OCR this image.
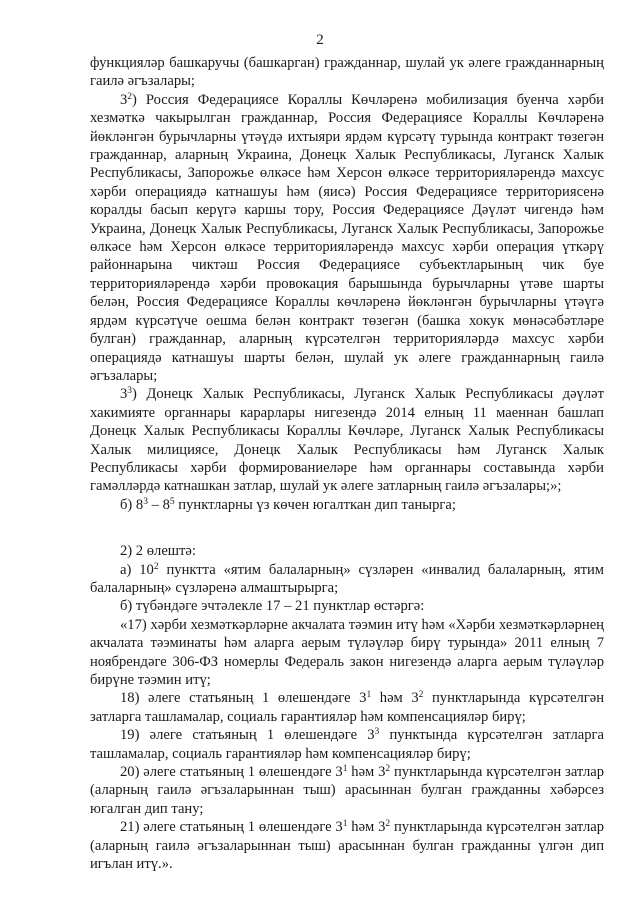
2

функцияләр башкаручы (башкарган) гражданнар, шулай ук әлеге гражданнарның гаилә әгъзалары;

$3^2$) Россия Федерациясе Кораллы Көчләренә мобилизация буенча хәрби хезмәткә чакырылган гражданнар, Россия Федерациясе Кораллы Көчләренә йөкләнгән бурычларны үтәүдә ихтыяри ярдәм күрсәтү турында контракт төзегән гражданнар, аларның Украина, Донецк Халык Республикасы, Луганск Халык Республикасы, Запорожье өлкәсе һәм Херсон өлкәсе территорияләрендә махсус хәрби операциядә катнашуы һәм (яисә) Россия Федерациясе территориясенә коралды басып керүгә каршы тору, Россия Федерациясе Дәүләт чигендә һәм Украина, Донецк Халык Республикасы, Луганск Халык Республикасы, Запорожье өлкәсе һәм Херсон өлкәсе территорияләрендә махсус хәрби операция үткәрү районнарына чиктәш Россия Федерациясе субъектларының чик буе территорияләрендә хәрби провокация барышында бурычларны үтәве шарты белән, Россия Федерациясе Кораллы көчләренә йөкләнгән бурычларны үтәүгә ярдәм күрсәтүче оешма белән контракт төзегән (башка хокук мөнәсәбәтләре булган) гражданнар, аларның күрсәтелгән территорияләрдә махсус хәрби операциядә катнашуы шарты белән, шулай ук әлеге гражданнарның гаилә әгъзалары;

$3^3$) Донецк Халык Республикасы, Луганск Халык Республикасы дәүләт хакимияте органнары карарлары нигезендә 2014 елның 11 маеннан башлап Донецк Халык Республикасы Кораллы Көчләре, Луганск Халык Республикасы Халык милициясе, Донецк Халык Республикасы һәм Луганск Халык Республикасы хәрби формированиеләре һәм органнары составында хәрби гамәлләрдә катнашкан затлар, шулай ук әлеге затларның гаилә әгъзалары;»;

б) $8^3 - 8^5$ пунктларны үз көчен югалткан дип танырга;

2) 2 өлештә:

а) $10^2$ пунктта «ятим балаларның» сүзләрен «инвалид балаларның, ятим балаларның» сүзләренә алмаштырырга;

б) түбәндәге эчтәлекле 17 – 21 пунктлар өстәргә:

«17) хәрби хезмәткәрләрне акчалата тәэмин итү һәм «Хәрби хезмәткәрләрнең акчалата тәэминаты һәм аларга аерым түләүләр бирү турында» 2011 елның 7 ноябрендәге 306-ФЗ номерлы Федераль закон нигезендә аларга аерым түләүләр бирүне тәэмин итү;

18) әлеге статьяның 1 өлешендәге $3^1$ һәм $3^2$ пунктларында күрсәтелгән затларга ташламалар, социаль гарантияләр һәм компенсацияләр бирү;

19) әлеге статьяның 1 өлешендәге $3^3$ пунктында күрсәтелгән затларга ташламалар, социаль гарантияләр һәм компенсацияләр бирү;

20) әлеге статьяның 1 өлешендәге $3^1$ һәм $3^2$ пунктларында күрсәтелгән затлар (аларның гаилә әгъзаларыннан тыш) арасыннан булган гражданны хәбәрсез югалган дип тану;

21) әлеге статьяның 1 өлешендәге $3^1$ һәм $3^2$ пунктларында күрсәтелгән затлар (аларның гаилә әгъзаларыннан тыш) арасыннан булган гражданны үлгән дип игълан итү.».
